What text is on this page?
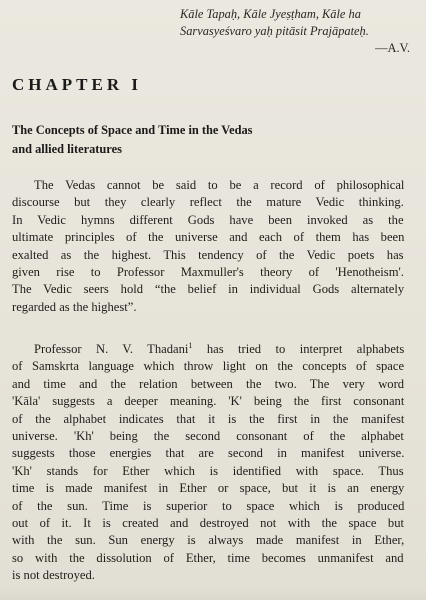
Kāle Tapaḥ, Kāle Jyeṣṭham, Kāle ha
Sarvasyeśvaro yaḥ pitāsit Prajāpateḥ.
—A.V.
CHAPTER I
The Concepts of Space and Time in the Vedas
and allied literatures
The Vedas cannot be said to be a record of philosophical
discourse but they clearly reflect the mature Vedic thinking.
In Vedic hymns different Gods have been invoked as the
ultimate principles of the universe and each of them has been
exalted as the highest. This tendency of the Vedic poets has
given rise to Professor Maxmuller's theory of 'Henotheism'.
The Vedic seers hold “the belief in individual Gods alternately
regarded as the highest”.
Professor N. V. Thadani$^1$ has tried to interpret alphabets
of Samskrta language which throw light on the concepts of space
and time and the relation between the two. The very word
'Kāla' suggests a deeper meaning. 'K' being the first consonant
of the alphabet indicates that it is the first in the manifest
universe. 'Kh' being the second consonant of the alphabet
suggests those energies that are second in manifest universe.
'Kh' stands for Ether which is identified with space. Thus
time is made manifest in Ether or space, but it is an energy
of the sun. Time is superior to space which is produced
out of it. It is created and destroyed not with the space but
with the sun. Sun energy is always made manifest in Ether,
so with the dissolution of Ether, time becomes unmanifest and
is not destroyed.
